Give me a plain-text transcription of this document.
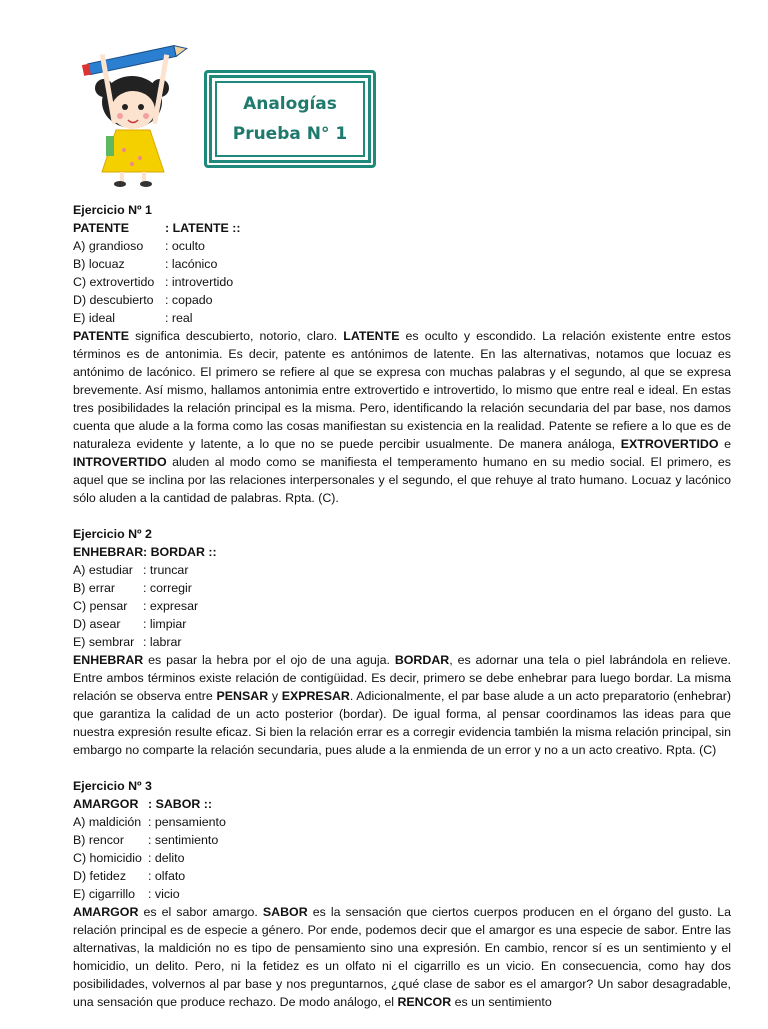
Analogías
Prueba N° 1
Ejercicio Nº 1
PATENTE	: LATENTE ::
A) grandioso	: oculto
B) locuaz	: lacónico
C) extrovertido : introvertido
D) descubierto : copado
E) ideal	: real
PATENTE significa descubierto, notorio, claro. LATENTE es oculto y escondido. La relación existente entre estos términos es de antonimia. Es decir, patente es antónimos de latente. En las alternativas, notamos que locuaz es antónimo de lacónico. El primero se refiere al que se expresa con muchas palabras y el segundo, al que se expresa brevemente. Así mismo, hallamos antonimia entre extrovertido e introvertido, lo mismo que entre real e ideal. En estas tres posibilidades la relación principal es la misma. Pero, identificando la relación secundaria del par base, nos damos cuenta que alude a la forma como las cosas manifiestan su existencia en la realidad. Patente se refiere a lo que es de naturaleza evidente y latente, a lo que no se puede percibir usualmente. De manera análoga, EXTROVERTIDO e INTROVERTIDO aluden al modo como se manifiesta el temperamento humano en su medio social. El primero, es aquel que se inclina por las relaciones interpersonales y el segundo, el que rehuye al trato humano. Locuaz y lacónico sólo aluden a la cantidad de palabras. Rpta. (C).
Ejercicio Nº 2
ENHEBRAR : BORDAR ::
A) estudiar : truncar
B) errar	: corregir
C) pensar	: expresar
D) asear	: limpiar
E) sembrar : labrar
ENHEBRAR es pasar la hebra por el ojo de una aguja. BORDAR, es adornar una tela o piel labrándola en relieve. Entre ambos términos existe relación de contigüidad. Es decir, primero se debe enhebrar para luego bordar. La misma relación se observa entre PENSAR y EXPRESAR. Adicionalmente, el par base alude a un acto preparatorio (enhebrar) que garantiza la calidad de un acto posterior (bordar). De igual forma, al pensar coordinamos las ideas para que nuestra expresión resulte eficaz. Si bien la relación errar es a corregir evidencia también la misma relación principal, sin embargo no comparte la relación secundaria, pues alude a la enmienda de un error y no a un acto creativo. Rpta. (C)
Ejercicio Nº 3
AMARGOR : SABOR ::
A) maldición : pensamiento
B) rencor	: sentimiento
C) homicidio : delito
D) fetidez	: olfato
E) cigarrillo	: vicio
AMARGOR es el sabor amargo. SABOR es la sensación que ciertos cuerpos producen en el órgano del gusto. La relación principal es de especie a género. Por ende, podemos decir que el amargor es una especie de sabor. Entre las alternativas, la maldición no es tipo de pensamiento sino una expresión. En cambio, rencor sí es un sentimiento y el homicidio, un delito. Pero, ni la fetidez es un olfato ni el cigarrillo es un vicio. En consecuencia, como hay dos posibilidades, volvernos al par base y nos preguntarnos, ¿qué clase de sabor es el amargor? Un sabor desagradable, una sensación que produce rechazo. De modo análogo, el RENCOR es un sentimiento
